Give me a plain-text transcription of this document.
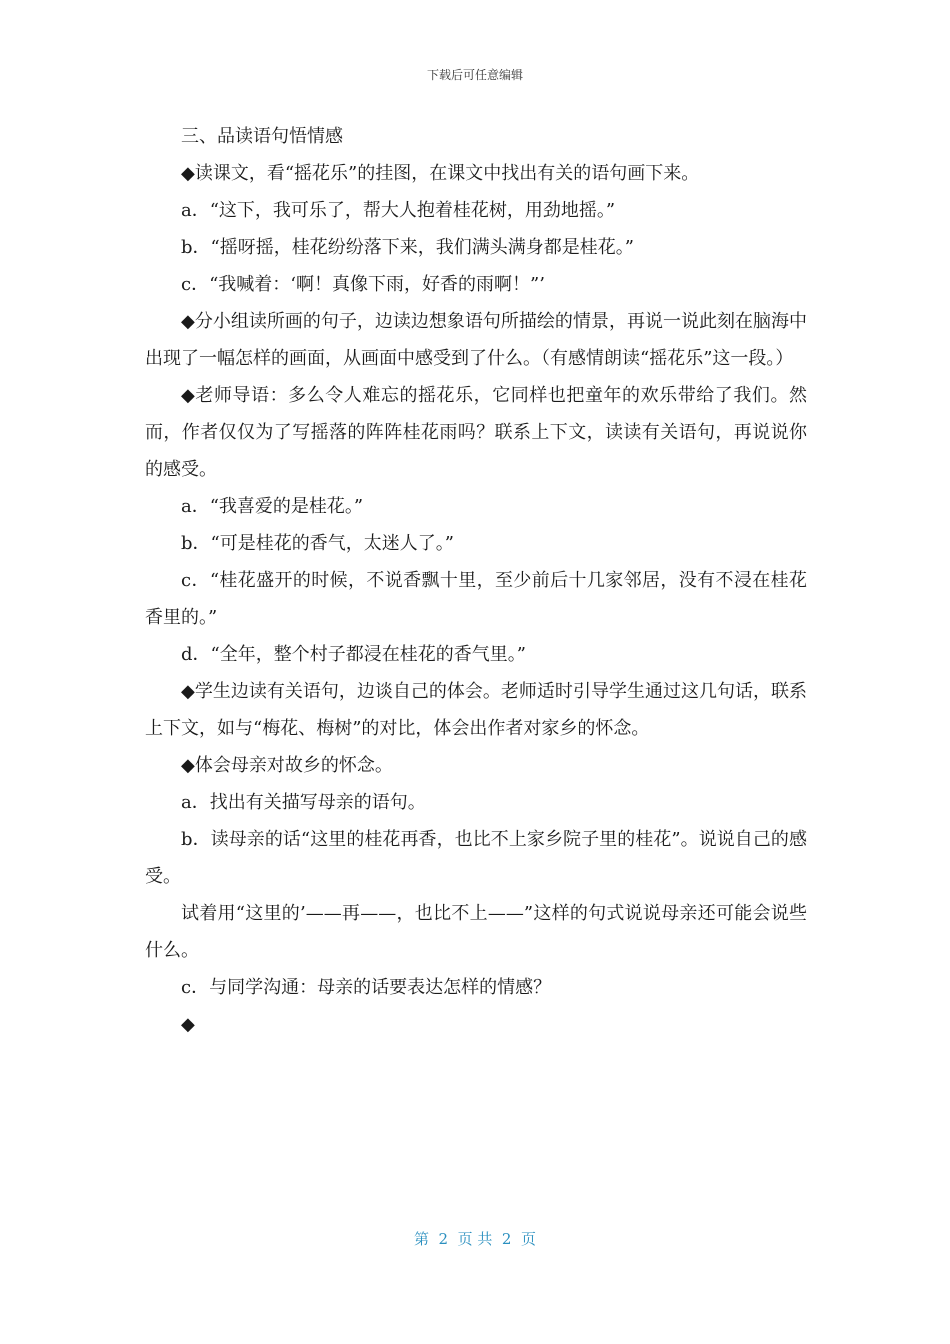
下载后可任意编辑

三、品读语句悟情感

◆读课文，看“摇花乐”的挂图，在课文中找出有关的语句画下来。

a．“这下，我可乐了，帮大人抱着桂花树，用劲地摇。”

b．“摇呀摇，桂花纷纷落下来，我们满头满身都是桂花。”

c．“我喊着：‘啊！真像下雨，好香的雨啊！”’

◆分小组读所画的句子，边读边想象语句所描绘的情景，再说一说此刻在脑海中出现了一幅怎样的画面，从画面中感受到了什么。（有感情朗读“摇花乐”这一段。）

◆老师导语：多么令人难忘的摇花乐，它同样也把童年的欢乐带给了我们。然而，作者仅仅为了写摇落的阵阵桂花雨吗？联系上下文，读读有关语句，再说说你的感受。

a．“我喜爱的是桂花。”

b．“可是桂花的香气，太迷人了。”

c．“桂花盛开的时候，不说香飘十里，至少前后十几家邻居，没有不浸在桂花香里的。”

d．“全年，整个村子都浸在桂花的香气里。”

◆学生边读有关语句，边谈自己的体会。老师适时引导学生通过这几句话，联系上下文，如与“梅花、梅树”的对比，体会出作者对家乡的怀念。

◆体会母亲对故乡的怀念。

a．找出有关描写母亲的语句。

b．读母亲的话“这里的桂花再香，也比不上家乡院子里的桂花”。说说自己的感受。

试着用“这里的’——再——，也比不上——”这样的句式说说母亲还可能会说些什么。

c．与同学沟通：母亲的话要表达怎样的情感？

◆

第  2  页 共  2  页
